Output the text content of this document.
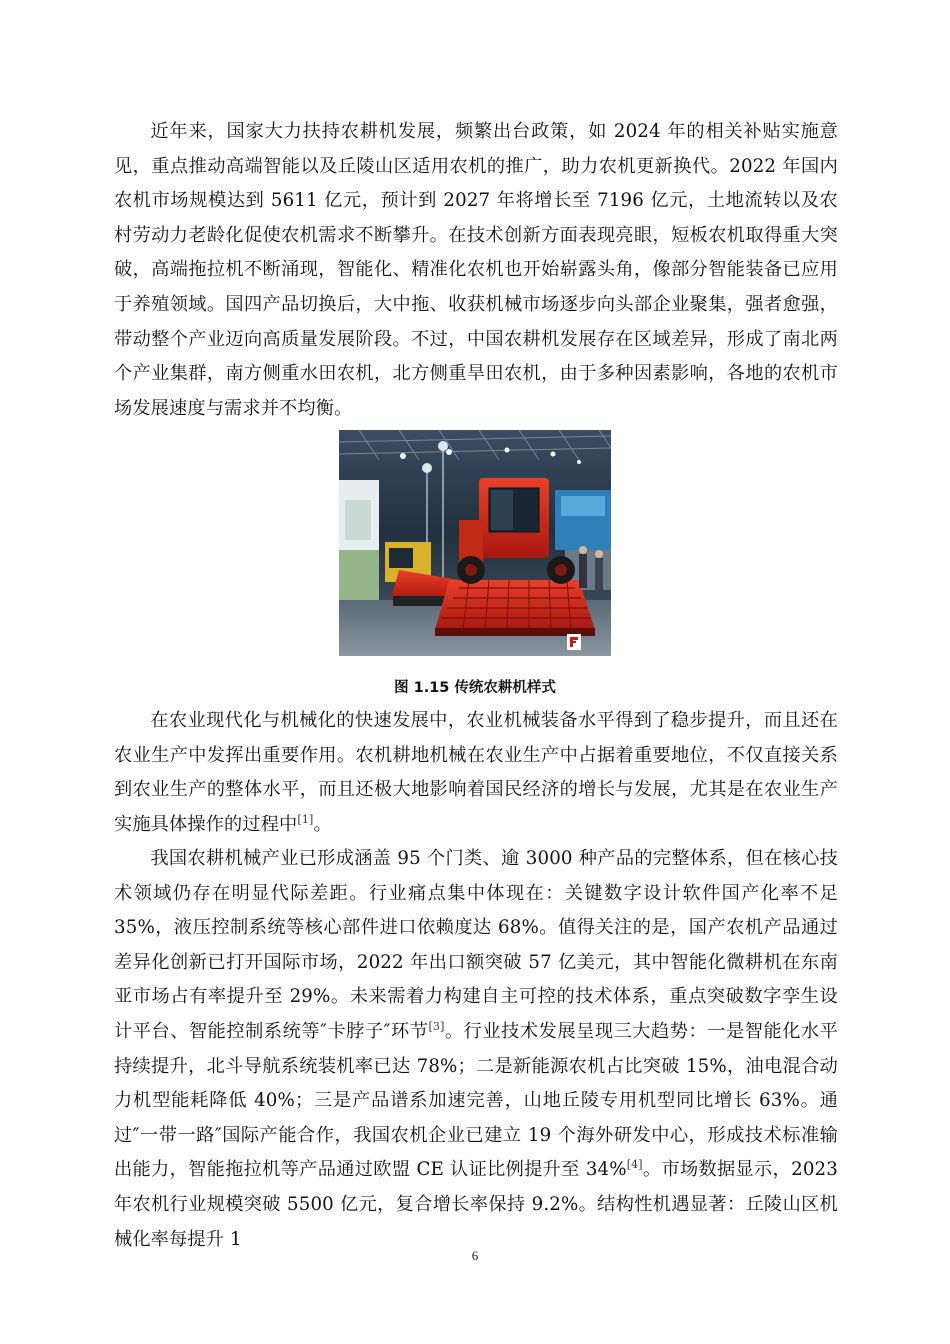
近年来，国家大力扶持农耕机发展，频繁出台政策，如 2024 年的相关补贴实施意见，重点推动高端智能以及丘陵山区适用农机的推广，助力农机更新换代。2022 年国内农机市场规模达到 5611 亿元，预计到 2027 年将增长至 7196 亿元，土地流转以及农村劳动力老龄化促使农机需求不断攀升。在技术创新方面表现亮眼，短板农机取得重大突破，高端拖拉机不断涌现，智能化、精准化农机也开始崭露头角，像部分智能装备已应用于养殖领域。国四产品切换后，大中拖、收获机械市场逐步向头部企业聚集，强者愈强，带动整个产业迈向高质量发展阶段。不过，中国农耕机发展存在区域差异，形成了南北两个产业集群，南方侧重水田农机，北方侧重旱田农机，由于多种因素影响，各地的农机市场发展速度与需求并不均衡。

图 1.15 传统农耕机样式

在农业现代化与机械化的快速发展中，农业机械装备水平得到了稳步提升，而且还在农业生产中发挥出重要作用。农机耕地机械在农业生产中占据着重要地位，不仅直接关系到农业生产的整体水平，而且还极大地影响着国民经济的增长与发展，尤其是在农业生产实施具体操作的过程中[1]。

我国农耕机械产业已形成涵盖 95 个门类、逾 3000 种产品的完整体系，但在核心技术领域仍存在明显代际差距。行业痛点集中体现在：关键数字设计软件国产化率不足 35%，液压控制系统等核心部件进口依赖度达 68%。值得关注的是，国产农机产品通过差异化创新已打开国际市场，2022 年出口额突破 57 亿美元，其中智能化微耕机在东南亚市场占有率提升至 29%。未来需着力构建自主可控的技术体系，重点突破数字孪生设计平台、智能控制系统等″卡脖子″环节[3]。行业技术发展呈现三大趋势：一是智能化水平持续提升，北斗导航系统装机率已达 78%；二是新能源农机占比突破 15%，油电混合动力机型能耗降低 40%；三是产品谱系加速完善，山地丘陵专用机型同比增长 63%。通过″一带一路″国际产能合作，我国农机企业已建立 19 个海外研发中心，形成技术标准输出能力，智能拖拉机等产品通过欧盟 CE 认证比例提升至 34%[4]。市场数据显示，2023 年农机行业规模突破 5500 亿元，复合增长率保持 9.2%。结构性机遇显著：丘陵山区机械化率每提升 1

6
